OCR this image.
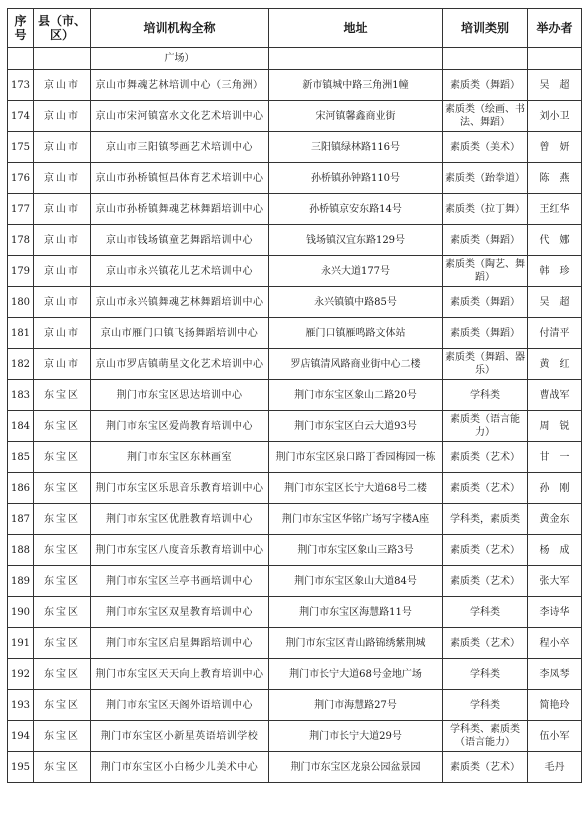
序号	县（市、区）	培训机构全称	地址	培训类别	举办者
		广场）			
173	京山市	京山市舞魂艺林培训中心（三角洲）	新市镇城中路三角洲1幢	素质类（舞蹈）	吴　超
174	京山市	京山市宋河镇富水文化艺术培训中心	宋河镇馨鑫商业街	素质类（绘画、书法、舞蹈）	刘小卫
175	京山市	京山市三阳镇琴画艺术培训中心	三阳镇绿林路116号	素质类（美术）	曾　妍
176	京山市	京山市孙桥镇恒昌体育艺术培训中心	孙桥镇孙钟路110号	素质类（跆拳道）	陈　燕
177	京山市	京山市孙桥镇舞魂艺林舞蹈培训中心	孙桥镇京安东路14号	素质类（拉丁舞）	王红华
178	京山市	京山市钱场镇童艺舞蹈培训中心	钱场镇汉宜东路129号	素质类（舞蹈）	代　娜
179	京山市	京山市永兴镇花儿艺术培训中心	永兴大道177号	素质类（陶艺、舞蹈）	韩　珍
180	京山市	京山市永兴镇舞魂艺林舞蹈培训中心	永兴镇镇中路85号	素质类（舞蹈）	吴　超
181	京山市	京山市雁门口镇飞扬舞蹈培训中心	雁门口镇雁鸣路文体站	素质类（舞蹈）	付清平
182	京山市	京山市罗店镇萌星文化艺术培训中心	罗店镇清风路商业街中心二楼	素质类（舞蹈、器乐）	黄　红
183	东宝区	荆门市东宝区思达培训中心	荆门市东宝区象山二路20号	学科类	曹战军
184	东宝区	荆门市东宝区爱尚教育培训中心	荆门市东宝区白云大道93号	素质类（语言能力）	周　锐
185	东宝区	荆门市东宝区东林画室	荆门市东宝区泉口路丁香园梅园一栋	素质类（艺术）	甘　一
186	东宝区	荆门市东宝区乐思音乐教育培训中心	荆门市东宝区长宁大道68号二楼	素质类（艺术）	孙　刚
187	东宝区	荆门市东宝区优胜教育培训中心	荆门市东宝区华铭广场写字楼A座	学科类，素质类	黄金东
188	东宝区	荆门市东宝区八度音乐教育培训中心	荆门市东宝区象山三路3号	素质类（艺术）	杨　成
189	东宝区	荆门市东宝区兰亭书画培训中心	荆门市东宝区象山大道84号	素质类（艺术）	张大军
190	东宝区	荆门市东宝区双星教育培训中心	荆门市东宝区海慧路11号	学科类	李诗华
191	东宝区	荆门市东宝区启星舞蹈培训中心	荆门市东宝区青山路锦绣紫荆城	素质类（艺术）	程小卒
192	东宝区	荆门市东宝区天天向上教育培训中心	荆门市长宁大道68号金地广场	学科类	李凤琴
193	东宝区	荆门市东宝区天阁外语培训中心	荆门市海慧路27号	学科类	简艳玲
194	东宝区	荆门市东宝区小新星英语培训学校	荆门市长宁大道29号	学科类、素质类（语言能力）	伍小军
195	东宝区	荆门市东宝区小白杨少儿美术中心	荆门市东宝区龙泉公园盆景园	素质类（艺术）	毛丹
